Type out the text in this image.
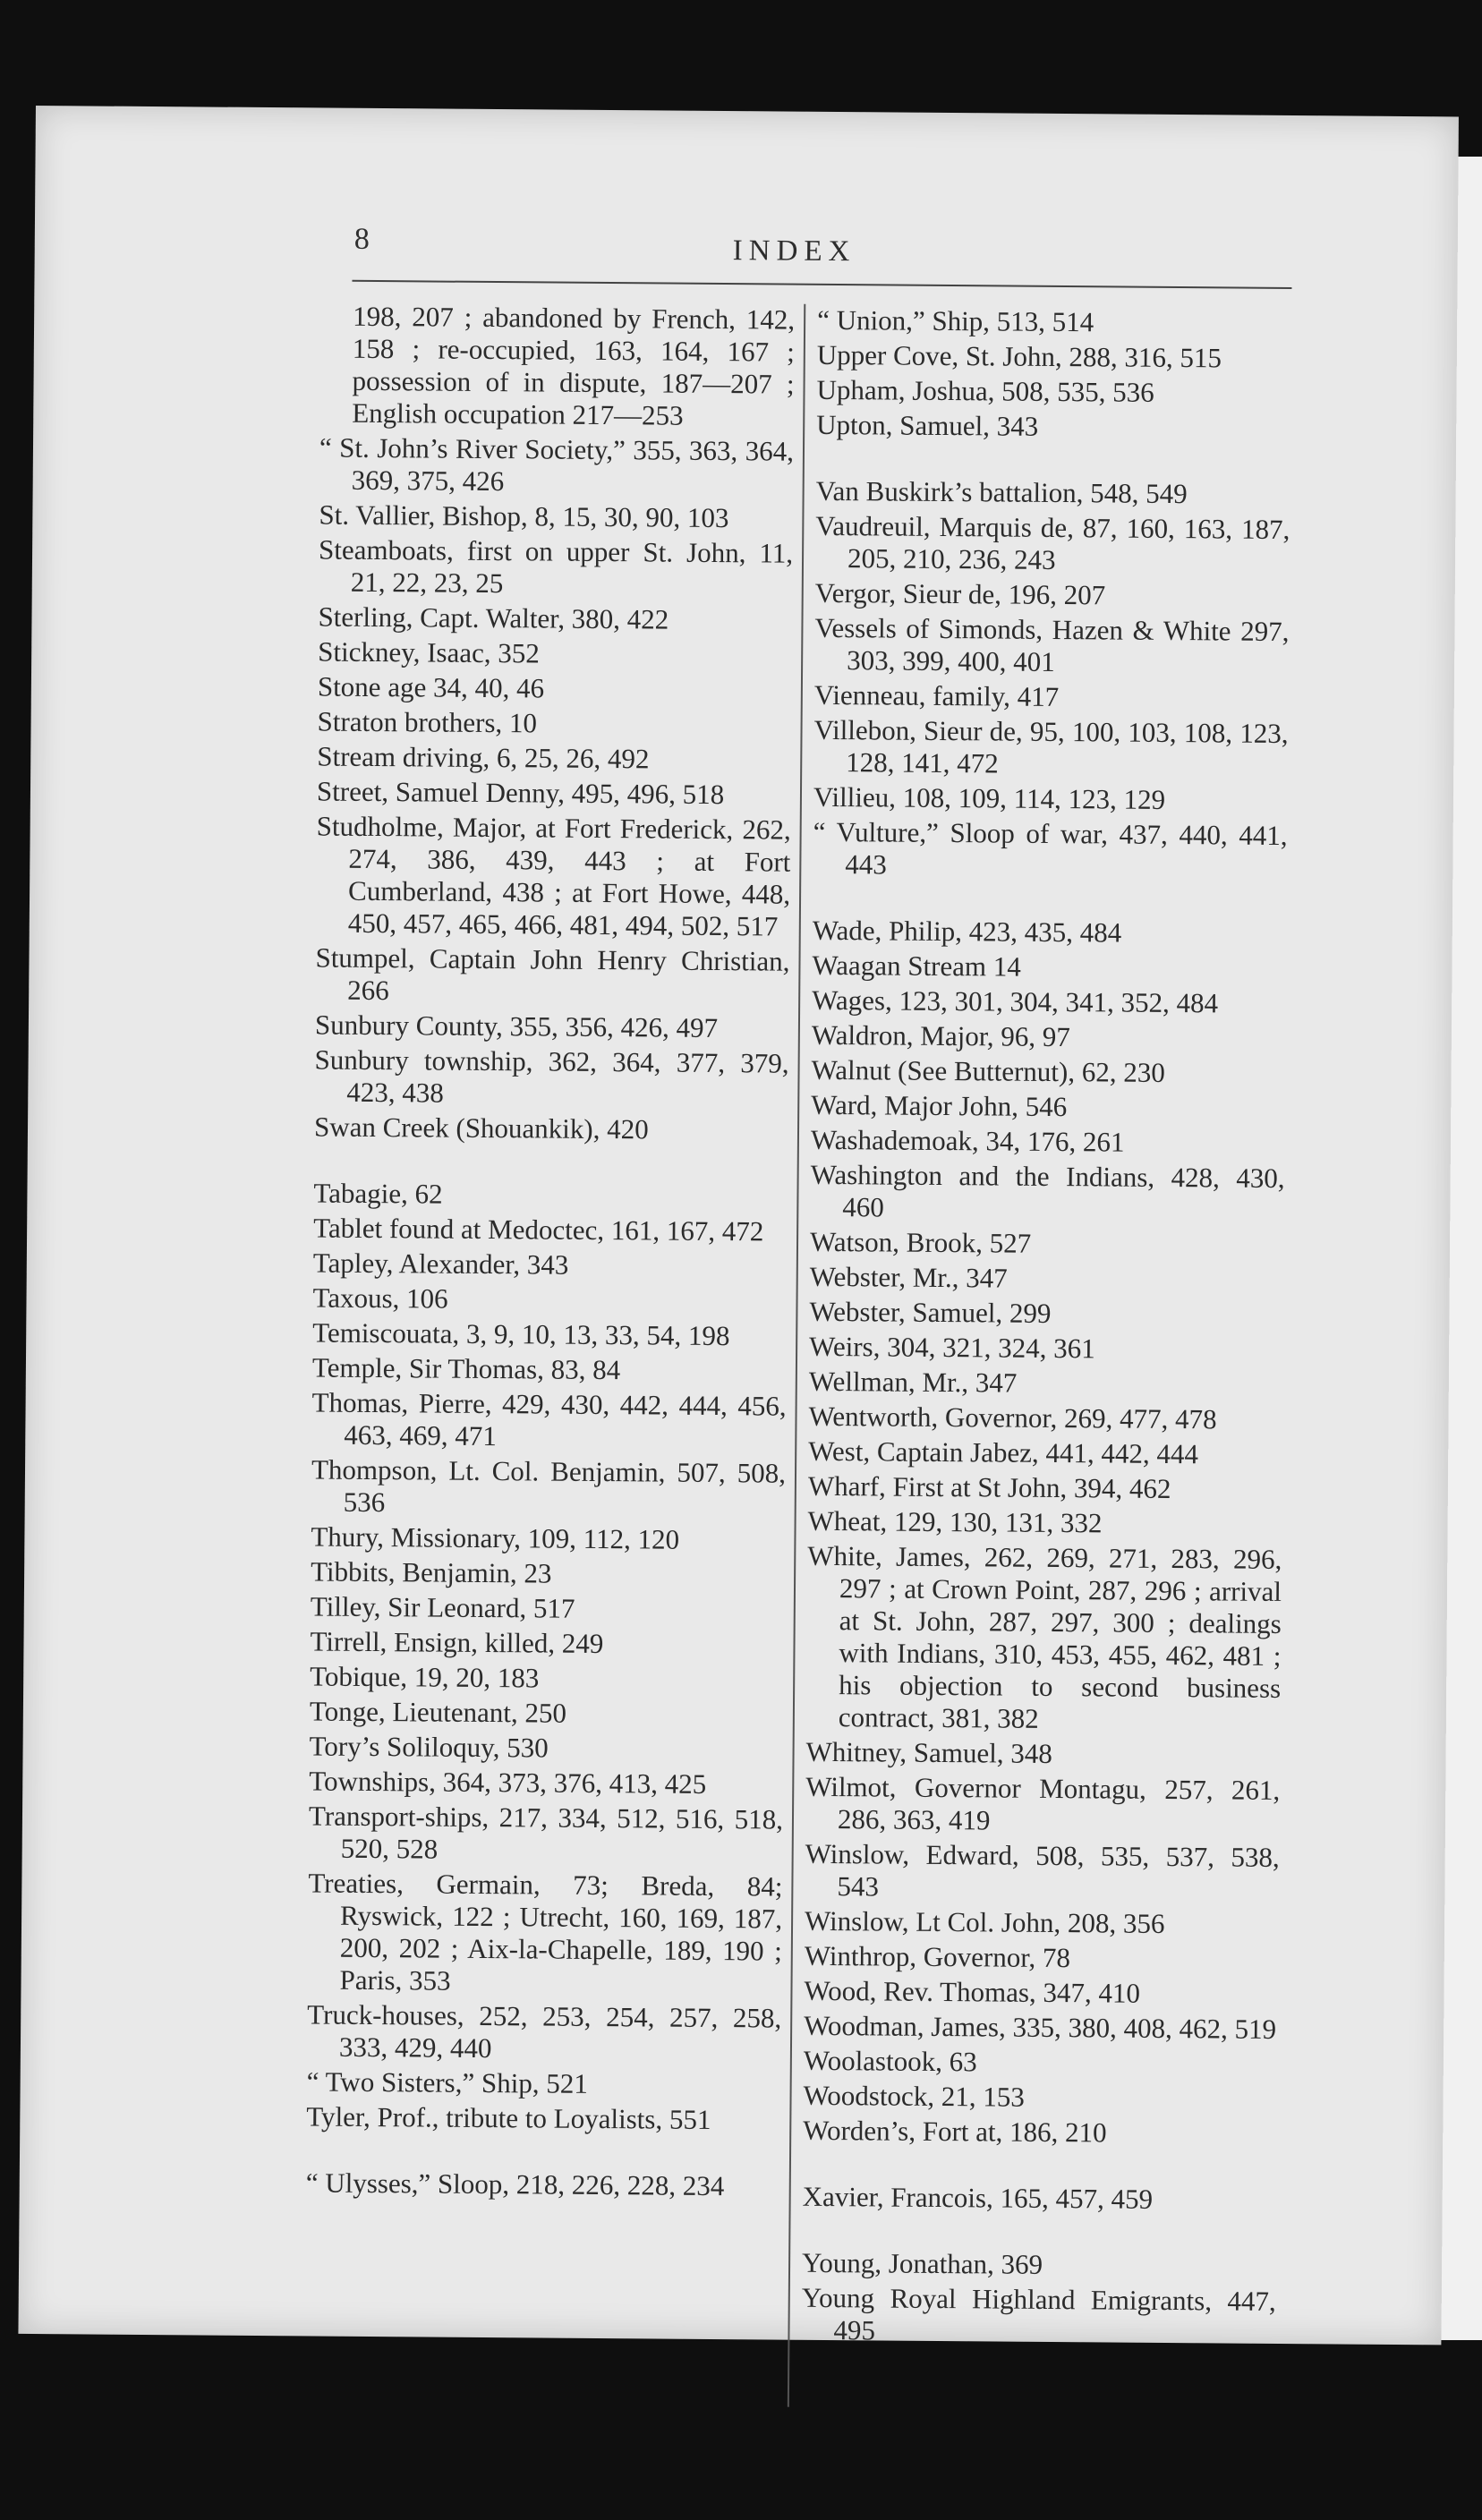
8	INDEX
198, 207 ; abandoned by French, 142, 158 ; re-occupied, 163, 164, 167 ; possession of in dispute, 187—207 ; English occupation 217—253
“ St. John’s River Society,” 355, 363, 364, 369, 375, 426
St. Vallier, Bishop, 8, 15, 30, 90, 103
Steamboats, first on upper St. John, 11, 21, 22, 23, 25
Sterling, Capt. Walter, 380, 422
Stickney, Isaac, 352
Stone age 34, 40, 46
Straton brothers, 10
Stream driving, 6, 25, 26, 492
Street, Samuel Denny, 495, 496, 518
Studholme, Major, at Fort Frederick, 262, 274, 386, 439, 443 ; at Fort Cumberland, 438 ; at Fort Howe, 448, 450, 457, 465, 466, 481, 494, 502, 517
Stumpel, Captain John Henry Christian, 266
Sunbury County, 355, 356, 426, 497
Sunbury township, 362, 364, 377, 379, 423, 438
Swan Creek (Shouankik), 420
Tabagie, 62
Tablet found at Medoctec, 161, 167, 472
Tapley, Alexander, 343
Taxous, 106
Temiscouata, 3, 9, 10, 13, 33, 54, 198
Temple, Sir Thomas, 83, 84
Thomas, Pierre, 429, 430, 442, 444, 456, 463, 469, 471
Thompson, Lt. Col. Benjamin, 507, 508, 536
Thury, Missionary, 109, 112, 120
Tibbits, Benjamin, 23
Tilley, Sir Leonard, 517
Tirrell, Ensign, killed, 249
Tobique, 19, 20, 183
Tonge, Lieutenant, 250
Tory’s Soliloquy, 530
Townships, 364, 373, 376, 413, 425
Transport-ships, 217, 334, 512, 516, 518, 520, 528
Treaties, Germain, 73; Breda, 84; Ryswick, 122 ; Utrecht, 160, 169, 187, 200, 202 ; Aix-la-Chapelle, 189, 190 ; Paris, 353
Truck-houses, 252, 253, 254, 257, 258, 333, 429, 440
“ Two Sisters,” Ship, 521
Tyler, Prof., tribute to Loyalists, 551
“ Ulysses,” Sloop, 218, 226, 228, 234
“ Union,” Ship, 513, 514
Upper Cove, St. John, 288, 316, 515
Upham, Joshua, 508, 535, 536
Upton, Samuel, 343
Van Buskirk’s battalion, 548, 549
Vaudreuil, Marquis de, 87, 160, 163, 187, 205, 210, 236, 243
Vergor, Sieur de, 196, 207
Vessels of Simonds, Hazen & White 297, 303, 399, 400, 401
Vienneau, family, 417
Villebon, Sieur de, 95, 100, 103, 108, 123, 128, 141, 472
Villieu, 108, 109, 114, 123, 129
“ Vulture,” Sloop of war, 437, 440, 441, 443
Wade, Philip, 423, 435, 484
Waagan Stream 14
Wages, 123, 301, 304, 341, 352, 484
Waldron, Major, 96, 97
Walnut (See Butternut), 62, 230
Ward, Major John, 546
Washademoak, 34, 176, 261
Washington and the Indians, 428, 430, 460
Watson, Brook, 527
Webster, Mr., 347
Webster, Samuel, 299
Weirs, 304, 321, 324, 361
Wellman, Mr., 347
Wentworth, Governor, 269, 477, 478
West, Captain Jabez, 441, 442, 444
Wharf, First at St John, 394, 462
Wheat, 129, 130, 131, 332
White, James, 262, 269, 271, 283, 296, 297 ; at Crown Point, 287, 296 ; arrival at St. John, 287, 297, 300 ; dealings with Indians, 310, 453, 455, 462, 481 ; his objection to second business contract, 381, 382
Whitney, Samuel, 348
Wilmot, Governor Montagu, 257, 261, 286, 363, 419
Winslow, Edward, 508, 535, 537, 538, 543
Winslow, Lt Col. John, 208, 356
Winthrop, Governor, 78
Wood, Rev. Thomas, 347, 410
Woodman, James, 335, 380, 408, 462, 519
Woolastook, 63
Woodstock, 21, 153
Worden’s, Fort at, 186, 210
Xavier, Francois, 165, 457, 459
Young, Jonathan, 369
Young Royal Highland Emigrants, 447, 495
